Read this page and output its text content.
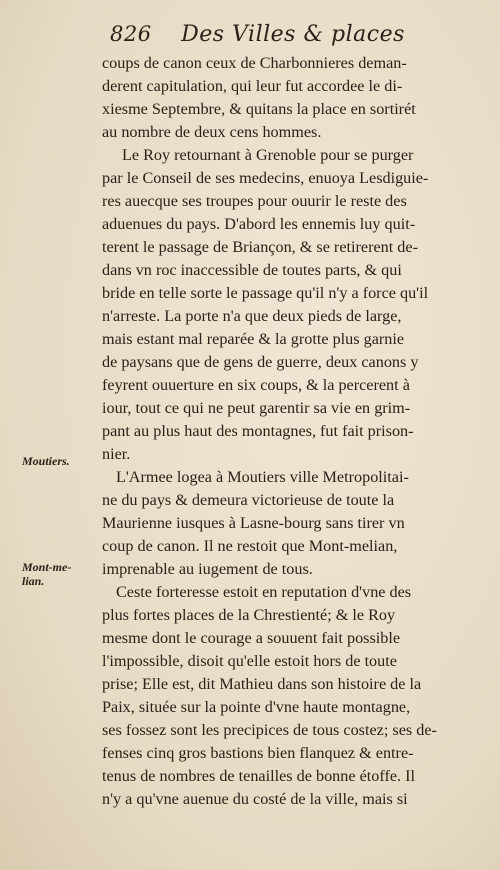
826 Des Villes & places
coups de canon ceux de Charbonnieres deman-
derent capitulation, qui leur fut accordee le di-
xiesme Septembre, & quitans la place en sortirét
au nombre de deux cens hommes.
Le Roy retournant à Grenoble pour se purger
par le Conseil de ses medecins, enuoya Lesdiguie-
res auecque ses troupes pour ouurir le reste des
aduenues du pays. D'abord les ennemis luy quit-
terent le passage de Briançon, & se retirerent de-
dans vn roc inaccessible de toutes parts, & qui
bride en telle sorte le passage qu'il n'y a force qu'il
n'arreste. La porte n'a que deux pieds de large,
mais estant mal reparée & la grotte plus garnie
de paysans que de gens de guerre, deux canons y
feyrent ouuerture en six coups, & la percerent à
iour, tout ce qui ne peut garentir sa vie en grim-
pant au plus haut des montagnes, fut fait prison-
nier.
L'Armee logea à Moutiers ville Metropolitai-
ne du pays & demeura victorieuse de toute la
Maurienne iusques à Lasne-bourg sans tirer vn
coup de canon. Il ne restoit que Mont-melian,
imprenable au iugement de tous.
Ceste forteresse estoit en reputation d'vne des
plus fortes places de la Chrestienté; & le Roy
mesme dont le courage a souuent fait possible
l'impossible, disoit qu'elle estoit hors de toute
prise; Elle est, dit Mathieu dans son histoire de la
Paix, située sur la pointe d'vne haute montagne,
ses fossez sont les precipices de tous costez; ses de-
fenses cinq gros bastions bien flanquez & entre-
tenus de nombres de tenailles de bonne étoffe. Il
n'y a qu'vne auenue du costé de la ville, mais si
Moutiers.
Mont-me-
lian.
